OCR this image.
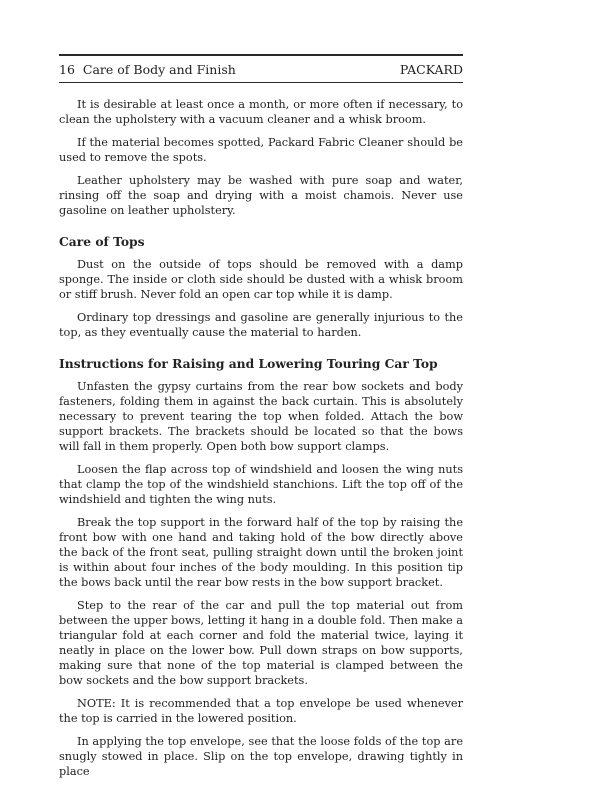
16 Care of Body and Finish	PACKARD

It is desirable at least once a month, or more often if necessary, to clean the upholstery with a vacuum cleaner and a whisk broom.

If the material becomes spotted, Packard Fabric Cleaner should be used to remove the spots.

Leather upholstery may be washed with pure soap and water, rinsing off the soap and drying with a moist chamois. Never use gasoline on leather upholstery.

Care of Tops

Dust on the outside of tops should be removed with a damp sponge. The inside or cloth side should be dusted with a whisk broom or stiff brush. Never fold an open car top while it is damp.

Ordinary top dressings and gasoline are generally injurious to the top, as they eventually cause the material to harden.

Instructions for Raising and Lowering Touring Car Top

Unfasten the gypsy curtains from the rear bow sockets and body fasteners, folding them in against the back curtain. This is absolutely necessary to prevent tearing the top when folded. Attach the bow support brackets. The brackets should be located so that the bows will fall in them properly. Open both bow support clamps.

Loosen the flap across top of windshield and loosen the wing nuts that clamp the top of the windshield stanchions. Lift the top off of the windshield and tighten the wing nuts.

Break the top support in the forward half of the top by raising the front bow with one hand and taking hold of the bow directly above the back of the front seat, pulling straight down until the broken joint is within about four inches of the body moulding. In this position tip the bows back until the rear bow rests in the bow support bracket.

Step to the rear of the car and pull the top material out from between the upper bows, letting it hang in a double fold. Then make a triangular fold at each corner and fold the material twice, laying it neatly in place on the lower bow. Pull down straps on bow supports, making sure that none of the top material is clamped between the bow sockets and the bow support brackets.

NOTE: It is recommended that a top envelope be used whenever the top is carried in the lowered position.

In applying the top envelope, see that the loose folds of the top are snugly stowed in place. Slip on the top envelope, drawing tightly in place
